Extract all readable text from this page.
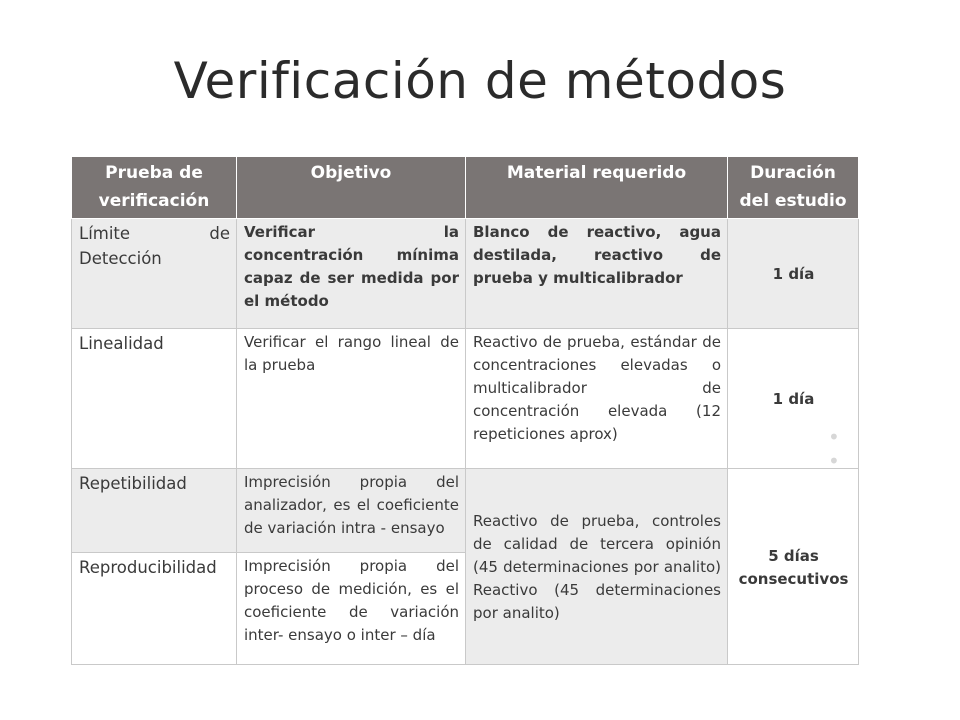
Verificación de métodos
Prueba de verificación	Objetivo	Material requerido	Duración del estudio
Límite de Detección	Verificar la concentración mínima capaz de ser medida por el método	Blanco de reactivo, agua destilada, reactivo de prueba y multicalibrador	1 día
Linealidad	Verificar el rango lineal de la prueba	Reactivo de prueba, estándar de concentraciones elevadas o multicalibrador de concentración elevada (12 repeticiones aprox)	1 día
Repetibilidad	Imprecisión propia del analizador, es el coeficiente de variación intra - ensayo	Reactivo de prueba, controles de calidad de tercera opinión (45 determinaciones por analito) Reactivo (45 determinaciones por analito)	5 días consecutivos
Reproducibilidad	Imprecisión propia del proceso de medición, es el coeficiente de variación inter- ensayo o inter – día		
•
•
